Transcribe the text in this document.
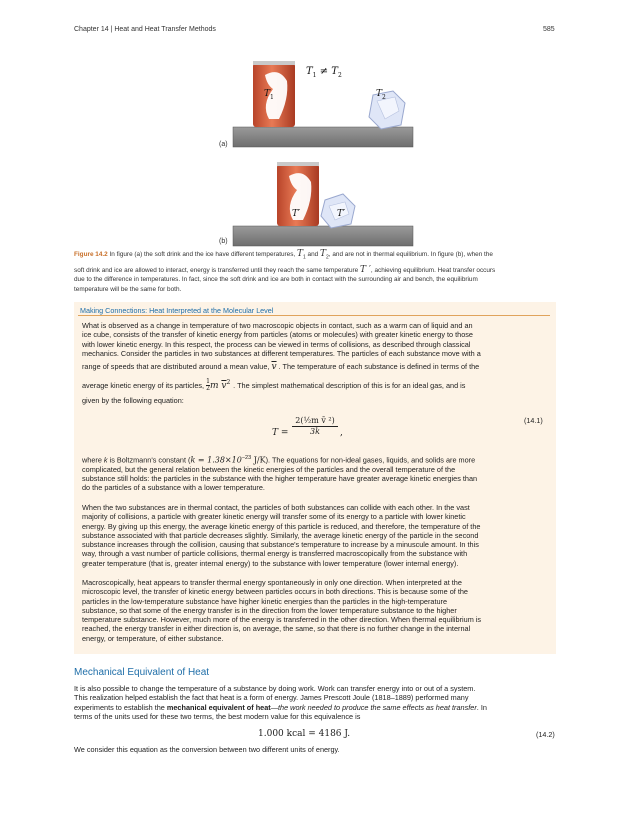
Chapter 14 | Heat and Heat Transfer Methods	585
$T_1 \ne T_2$
$T_1$	$T_2$
(a)
T′	T′
(b)
Figure 14.2 In figure (a) the soft drink and the ice have different temperatures, $T_1$ and $T_2$, and are not in thermal equilibrium. In figure (b), when the
soft drink and ice are allowed to interact, energy is transferred until they reach the same temperature T ′, achieving equilibrium. Heat transfer occurs
due to the difference in temperatures. In fact, since the soft drink and ice are both in contact with the surrounding air and bench, the equilibrium
temperature will be the same for both.
Making Connections: Heat Interpreted at the Molecular Level
What is observed as a change in temperature of two macroscopic objects in contact, such as a warm can of liquid and an
ice cube, consists of the transfer of kinetic energy from particles (atoms or molecules) with greater kinetic energy to those
with lower kinetic energy. In this respect, the process can be viewed in terms of collisions, as described through classical
mechanics. Consider the particles in two substances at different temperatures. The particles of each substance move with a
range of speeds that are distributed around a mean value, $\overline{v}$ . The temperature of each substance is defined in terms of the
average kinetic energy of its particles, $\frac{1}{2}$ m $\overline{v}^2$ . The simplest mathematical description of this is for an ideal gas, and is
given by the following equation:
T =
2(½m v̄ ²)
3k	,
(14.1)
where k is Boltzmann's constant ($k = 1.38\times 10^{-23}$ J/K). The equations for non-ideal gases, liquids, and solids are more
complicated, but the general relation between the kinetic energies of the particles and the overall temperature of the
substance still holds: the particles in the substance with the higher temperature have greater average kinetic energies than
do the particles of a substance with a lower temperature.
When the two substances are in thermal contact, the particles of both substances can collide with each other. In the vast
majority of collisions, a particle with greater kinetic energy will transfer some of its energy to a particle with lower kinetic
energy. By giving up this energy, the average kinetic energy of this particle is reduced, and therefore, the temperature of the
substance associated with that particle decreases slightly. Similarly, the average kinetic energy of the particle in the second
substance increases through the collision, causing that substance's temperature to increase by a minuscule amount. In this
way, through a vast number of particle collisions, thermal energy is transferred macroscopically from the substance with
greater temperature (that is, greater internal energy) to the substance with lower temperature (lower internal energy).
Macroscopically, heat appears to transfer thermal energy spontaneously in only one direction. When interpreted at the
microscopic level, the transfer of kinetic energy between particles occurs in both directions. This is because some of the
particles in the low-temperature substance have higher kinetic energies than the particles in the high-temperature
substance, so that some of the energy transfer is in the direction from the lower temperature substance to the higher
temperature substance. However, much more of the energy is transferred in the other direction. When thermal equilibrium is
reached, the energy transfer in either direction is, on average, the same, so that there is no further change in the internal
energy, or temperature, of either substance.
Mechanical Equivalent of Heat
It is also possible to change the temperature of a substance by doing work. Work can transfer energy into or out of a system.
This realization helped establish the fact that heat is a form of energy. James Prescott Joule (1818–1889) performed many
experiments to establish the mechanical equivalent of heat—the work needed to produce the same effects as heat transfer. In
terms of the units used for these two terms, the best modern value for this equivalence is
1.000 kcal = 4186 J.	(14.2)
We consider this equation as the conversion between two different units of energy.
